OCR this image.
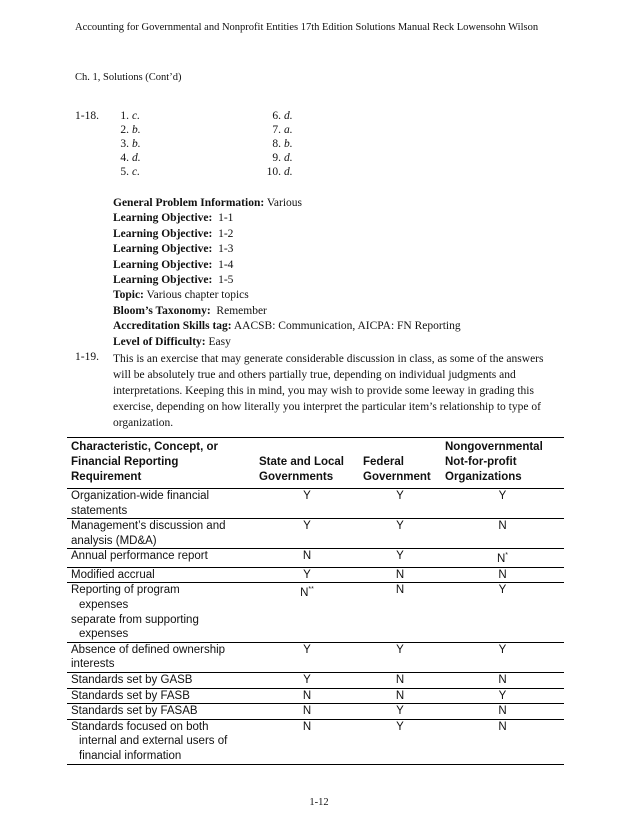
Accounting for Governmental and Nonprofit Entities 17th Edition Solutions Manual Reck Lowensohn Wilson
Ch. 1, Solutions (Cont’d)
1-18.	1. c.
2. b.
3. b.
4. d.
5. c.
6. d.
7. a.
8. b.
9. d.
10. d.
General Problem Information: Various
Learning Objective:  1-1
Learning Objective:  1-2
Learning Objective:  1-3
Learning Objective:  1-4
Learning Objective:  1-5
Topic: Various chapter topics
Bloom’s Taxonomy:  Remember
Accreditation Skills tag: AACSB: Communication, AICPA: FN Reporting
Level of Difficulty: Easy
1-19. This is an exercise that may generate considerable discussion in class, as some of the answers will be absolutely true and others partially true, depending on individual judgments and interpretations. Keeping this in mind, you may wish to provide some leeway in grading this exercise, depending on how literally you interpret the particular item’s relationship to type of organization.
Characteristic, Concept, or Financial Reporting Requirement	State and Local Governments	Federal Government	Nongovernmental Not-for-profit Organizations
Organization-wide financial statements	Y	Y	Y
Management’s discussion and analysis (MD&A)	Y	Y	N
Annual performance report	N	Y	N*
Modified accrual	Y	N	N

Reporting of program
expenses
separate from supporting
expenses	N**	N	Y
Absence of defined ownership interests	Y	Y	Y
Standards set by GASB	Y	N	N
Standards set by FASB	N	N	Y
Standards set by FASAB	N	Y	N

Standards focused on both
internal and external users of
financial information	N	Y	N
1-12
